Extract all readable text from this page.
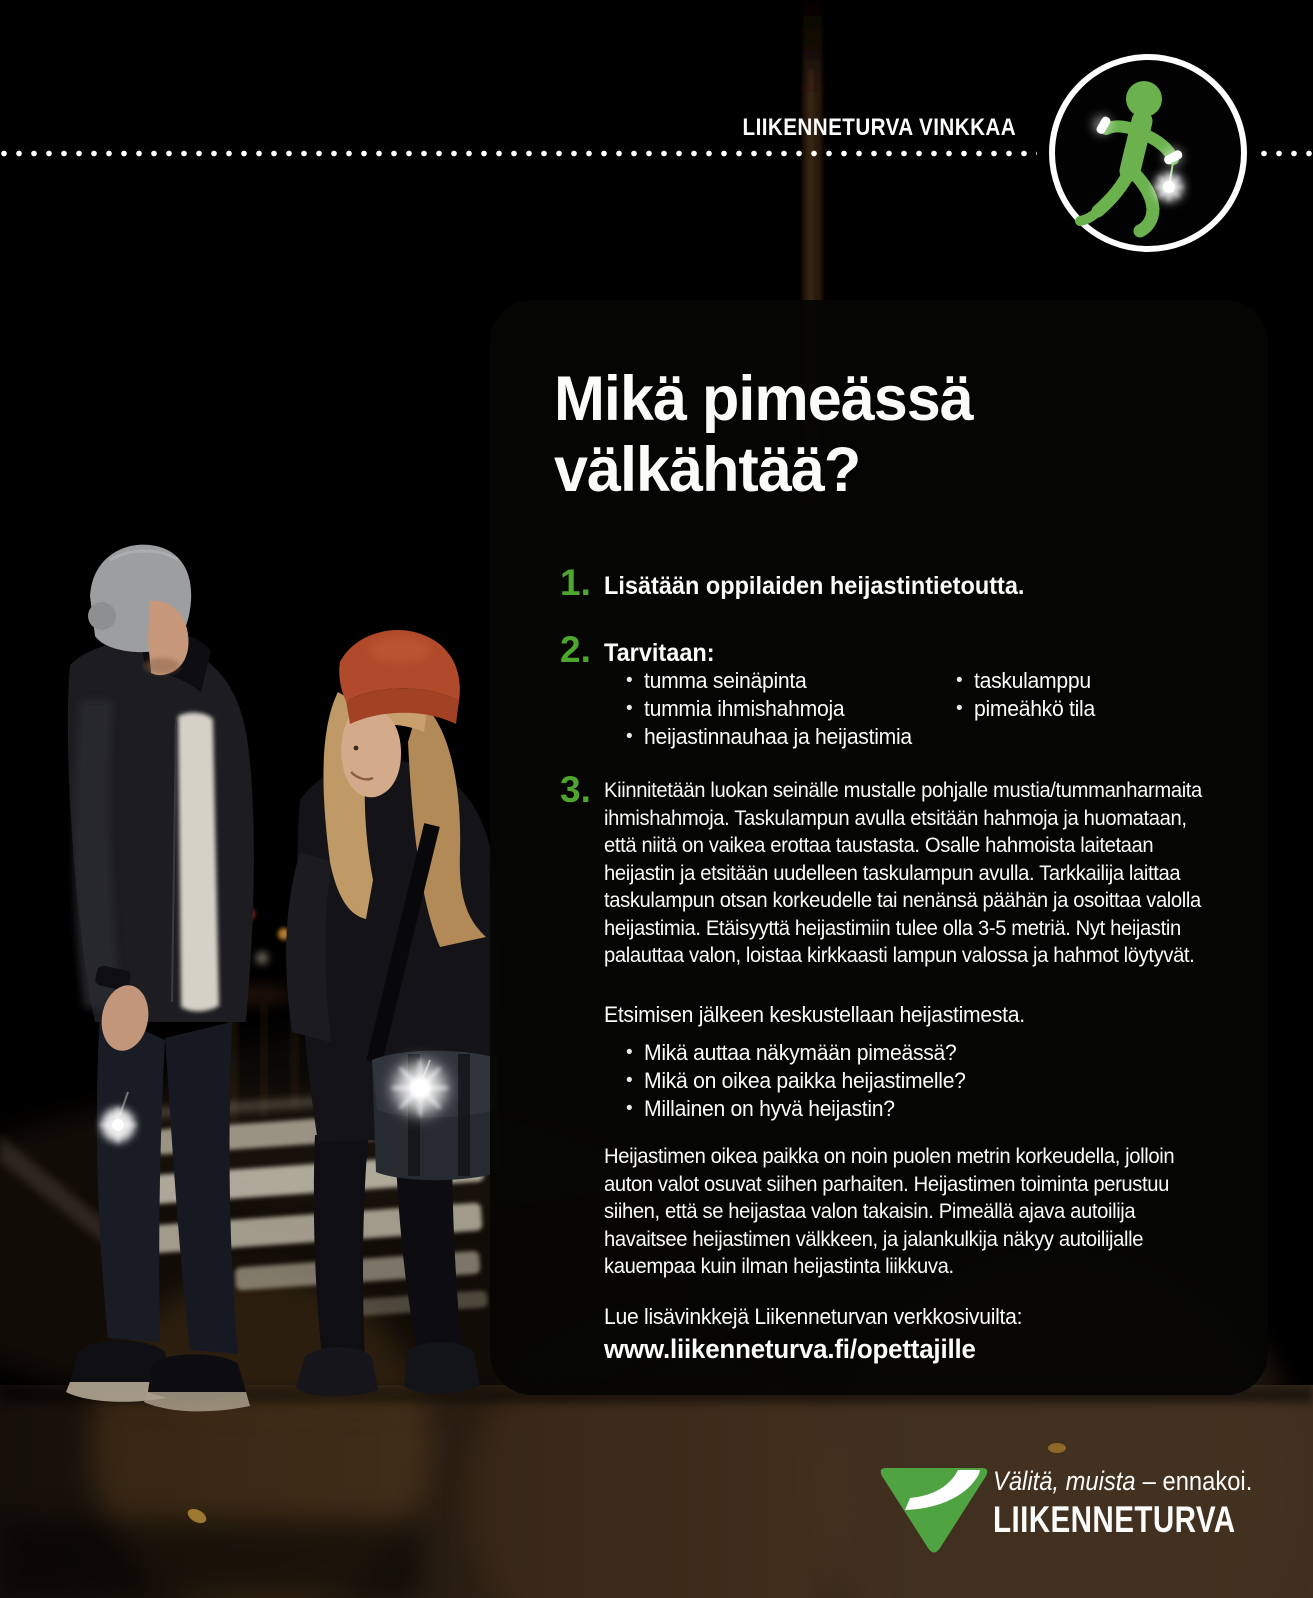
LIIKENNETURVA VINKKAA
Mikä pimeässä
välkähtää?
1. Lisätään oppilaiden heijastintietoutta.
2. Tarvitaan:
• tumma seinäpinta
• tummia ihmishahmoja
• heijastinnauhaa ja heijastimia
• taskulamppu
• pimeähkö tila
3. Kiinnitetään luokan seinälle mustalle pohjalle mustia/tummanharmaita
ihmishahmoja. Taskulampun avulla etsitään hahmoja ja huomataan,
että niitä on vaikea erottaa taustasta. Osalle hahmoista laitetaan
heijastin ja etsitään uudelleen taskulampun avulla. Tarkkailija laittaa
taskulampun otsan korkeudelle tai nenänsä päähän ja osoittaa valolla
heijastimia. Etäisyyttä heijastimiin tulee olla 3-5 metriä. Nyt heijastin
palauttaa valon, loistaa kirkkaasti lampun valossa ja hahmot löytyvät.
Etsimisen jälkeen keskustellaan heijastimesta.
• Mikä auttaa näkymään pimeässä?
• Mikä on oikea paikka heijastimelle?
• Millainen on hyvä heijastin?
Heijastimen oikea paikka on noin puolen metrin korkeudella, jolloin
auton valot osuvat siihen parhaiten. Heijastimen toiminta perustuu
siihen, että se heijastaa valon takaisin. Pimeällä ajava autoilija
havaitsee heijastimen välkkeen, ja jalankulkija näkyy autoilijalle
kauempaa kuin ilman heijastinta liikkuva.
Lue lisävinkkejä Liikenneturvan verkkosivuilta:
www.liikenneturva.fi/opettajille
Välitä, muista – ennakoi.
LIIKENNETURVA
